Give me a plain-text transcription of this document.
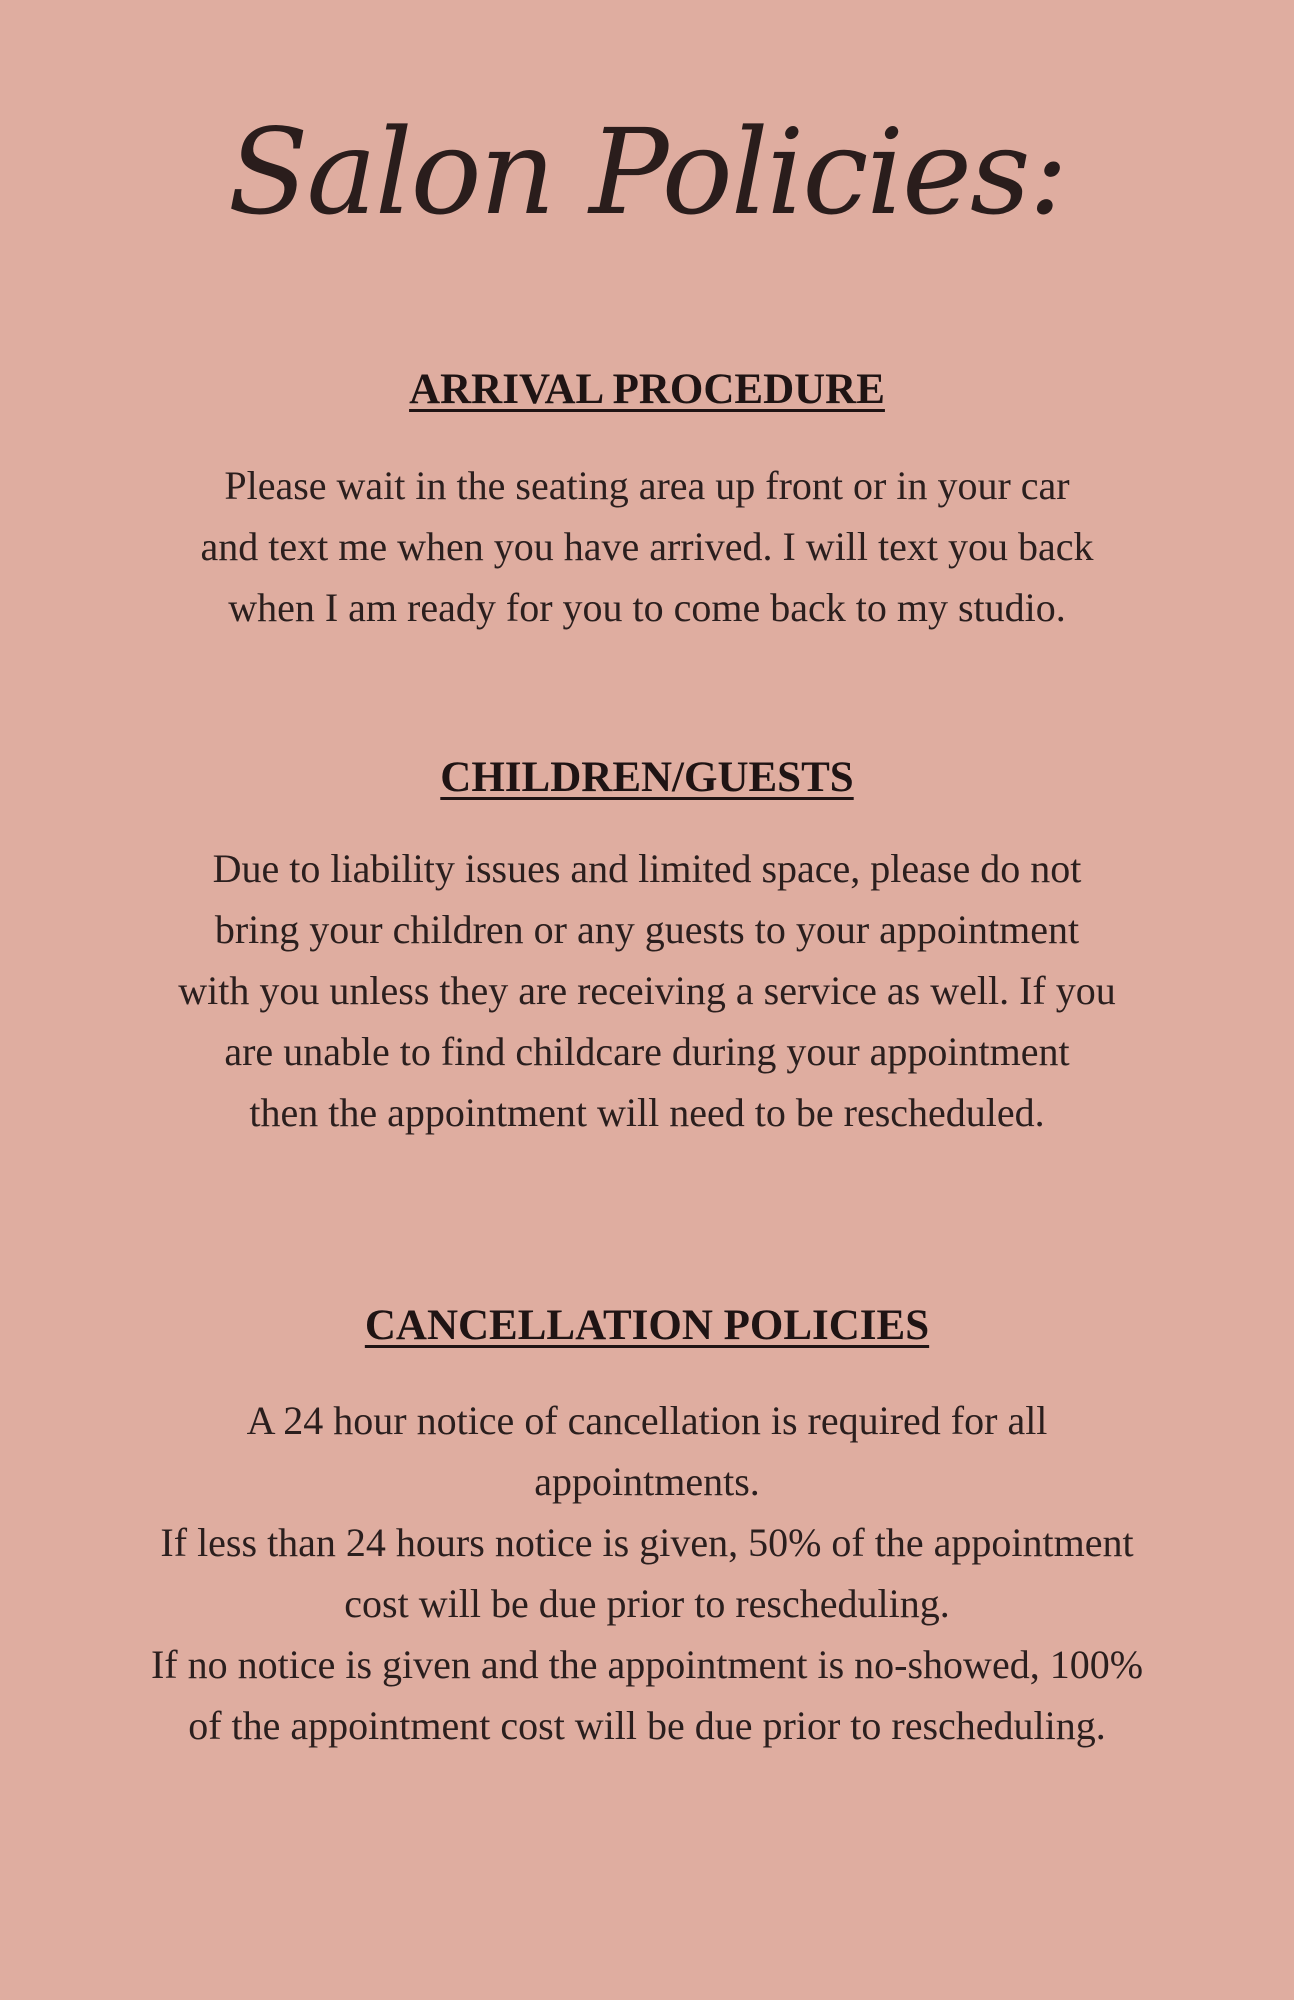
Salon Policies:
ARRIVAL PROCEDURE
Please wait in the seating area up front or in your car
and text me when you have arrived. I will text you back
when I am ready for you to come back to my studio.
CHILDREN/GUESTS
Due to liability issues and limited space, please do not
bring your children or any guests to your appointment
with you unless they are receiving a service as well. If you
are unable to find childcare during your appointment
then the appointment will need to be rescheduled.
CANCELLATION POLICIES
A 24 hour notice of cancellation is required for all
appointments.
If less than 24 hours notice is given, 50% of the appointment
cost will be due prior to rescheduling.
If no notice is given and the appointment is no-showed, 100%
of the appointment cost will be due prior to rescheduling.
